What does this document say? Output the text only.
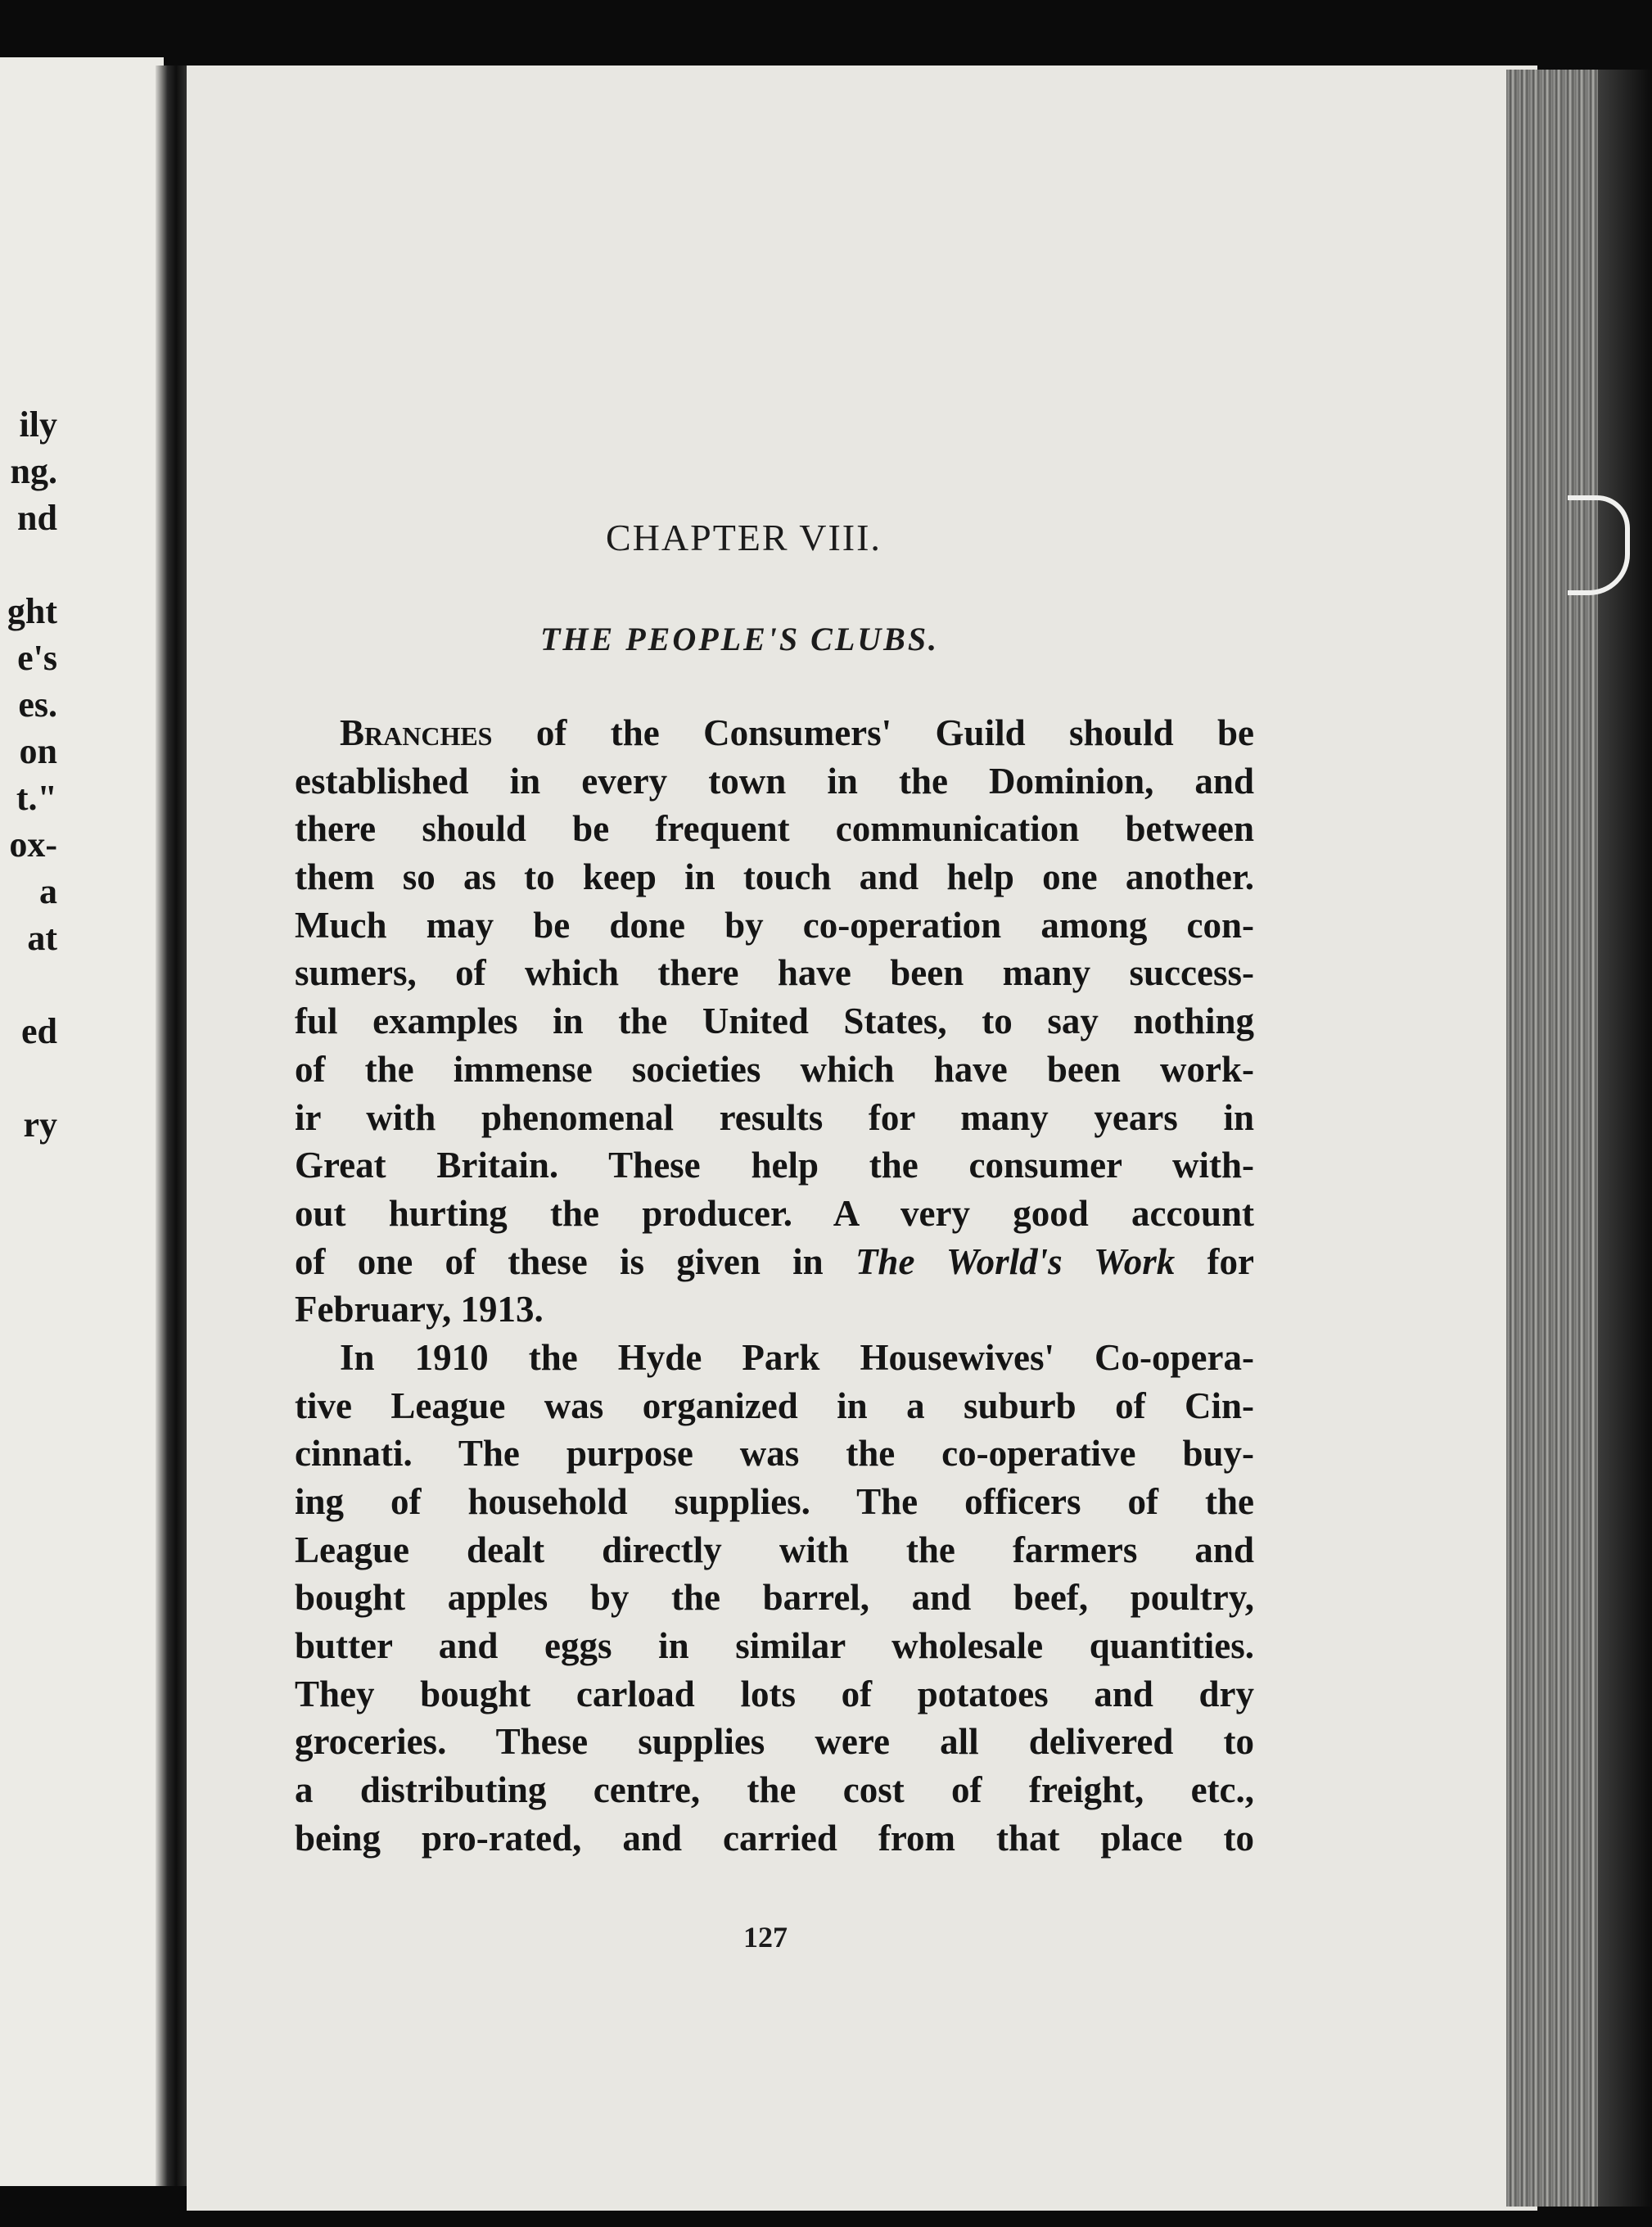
ily
ng.
nd
ght
e's
es.
on
t."
ox-
a
at
ed
ry
CHAPTER VIII.
THE PEOPLE'S CLUBS.
Branches of the Consumers' Guild should be
established in every town in the Dominion, and
there should be frequent communication between
them so as to keep in touch and help one another.
Much may be done by co-operation among con-
sumers, of which there have been many success-
ful examples in the United States, to say nothing
of the immense societies which have been work-
ir with phenomenal results for many years in
Great Britain. These help the consumer with-
out hurting the producer. A very good account
of one of these is given in The World's Work for
February, 1913.
In 1910 the Hyde Park Housewives' Co-opera-
tive League was organized in a suburb of Cin-
cinnati. The purpose was the co-operative buy-
ing of household supplies. The officers of the
League dealt directly with the farmers and
bought apples by the barrel, and beef, poultry,
butter and eggs in similar wholesale quantities.
They bought carload lots of potatoes and dry
groceries. These supplies were all delivered to
a distributing centre, the cost of freight, etc.,
being pro-rated, and carried from that place to
127
